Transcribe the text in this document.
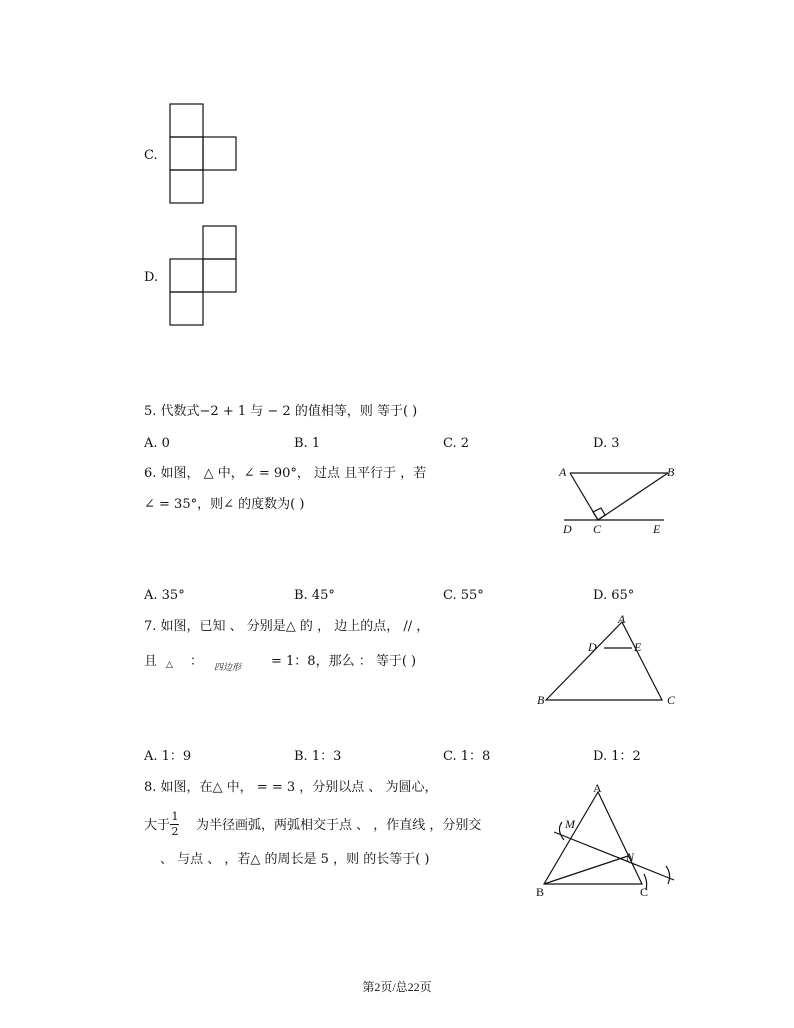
C.
D.
5. 代数式−2 + 1 与 − 2 的值相等，则 等于( )
A. 0	B. 1	C. 2	D. 3
6. 如图， △ 中，∠ = 90°， 过点 且平行于 ，若
∠ = 35°，则∠ 的度数为( )
A	B
D C	E
A. 35°	B. 45°	C. 55°	D. 65°
7. 如图，已知 、 分别是△ 的 ， 边上的点， // ，
且 △ ： 四边形 = 1：8，那么 ： 等于( )
A
D	E
B	C
A. 1：9	B. 1：3	C. 1：8	D. 1：2
8. 如图，在△ 中， = = 3 ，分别以点 、 为圆心，
大于
1
2 为半径画弧，两弧相交于点 、 ，作直线 ，分别交
、 与点 、 ，若△ 的周长是 5 ，则 的长等于( )
A
M
N
B	C
第2页/总22页
